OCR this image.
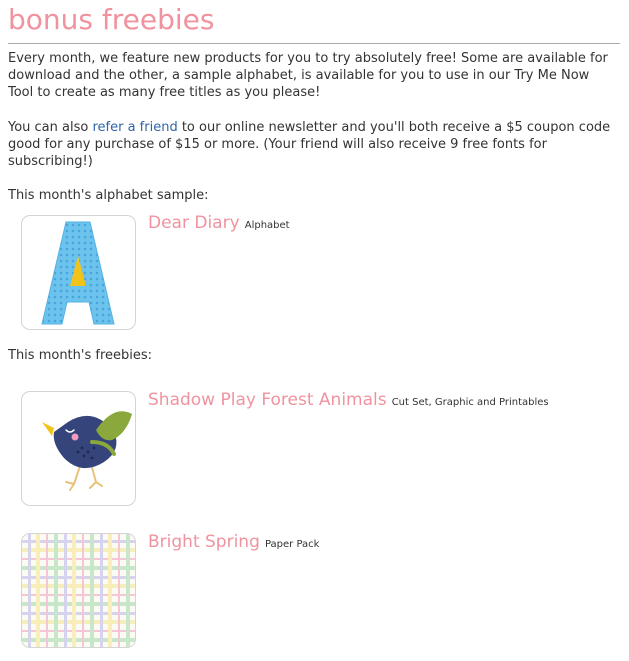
bonus freebies

Every month, we feature new products for you to try absolutely free! Some are available for download and the other, a sample alphabet, is available for you to use in our Try Me Now Tool to create as many free titles as you please!

You can also refer a friend to our online newsletter and you'll both receive a $5 coupon code good for any purchase of $15 or more. (Your friend will also receive 9 free fonts for subscribing!)

This month's alphabet sample:

Dear Diary Alphabet

This month's freebies:

Shadow Play Forest Animals Cut Set, Graphic and Printables
Bright Spring Paper Pack
